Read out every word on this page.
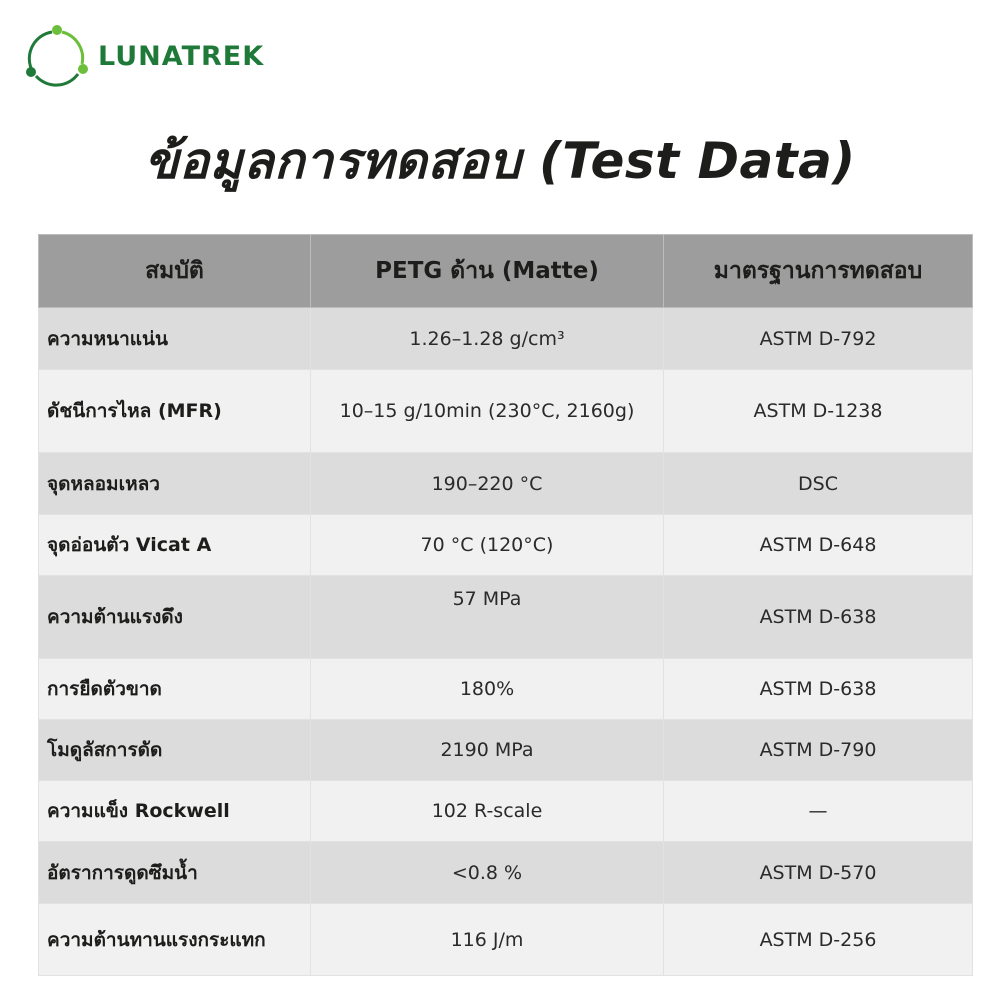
LUNATREK
ข้อมูลการทดสอบ (Test Data)
สมบัติ	PETG ด้าน (Matte)	มาตรฐานการทดสอบ
ความหนาแน่น	1.26–1.28 g/cm³	ASTM D-792
ดัชนีการไหล (MFR)	10–15 g/10min (230°C, 2160g)	ASTM D-1238
จุดหลอมเหลว	190–220 °C	DSC
จุดอ่อนตัว Vicat A	70 °C (120°C)	ASTM D-648
ความต้านแรงดึง	57 MPa	ASTM D-638
การยืดตัวขาด	180%	ASTM D-638
โมดูลัสการดัด	2190 MPa	ASTM D-790
ความแข็ง Rockwell	102 R-scale	—
อัตราการดูดซึมน้ำ	<0.8 %	ASTM D-570
ความต้านทานแรงกระแทก	116 J/m	ASTM D-256
